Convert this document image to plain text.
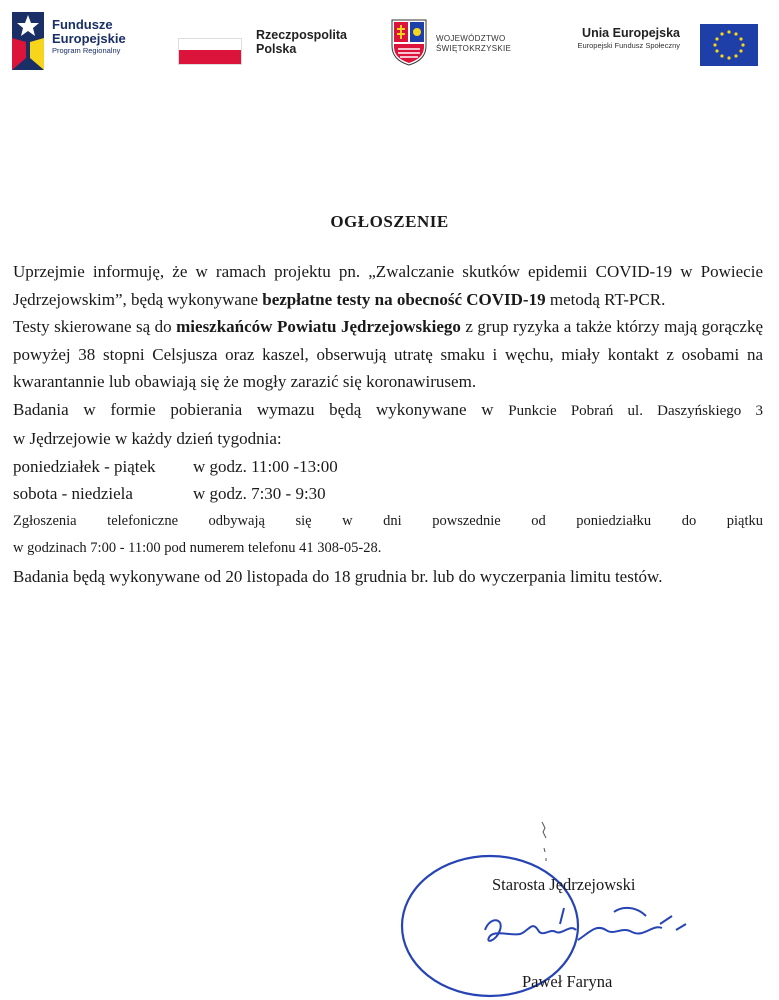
Fundusze
Europejskie
Program Regionalny
Rzeczpospolita
Polska
WOJEWÓDZTWO
ŚWIĘTOKRZYSKIE
Unia Europejska
Europejski Fundusz Społeczny
OGŁOSZENIE

Uprzejmie informuję, że w ramach projektu pn. „Zwalczanie skutków epidemii COVID-19 w Powiecie Jędrzejowskim”, będą wykonywane bezpłatne testy na obecność COVID-19 metodą RT-PCR.

Testy skierowane są do mieszkańców Powiatu Jędrzejowskiego z grup ryzyka a także którzy mają gorączkę powyżej 38 stopni Celsjusza oraz kaszel, obserwują utratę smaku i węchu, miały kontakt z osobami na kwarantannie lub obawiają się że mogły zarazić się koronawirusem.

Badania w formie pobierania wymazu będą wykonywane w Punkcie Pobrań ul. Daszyńskiego 3

w Jędrzejowie w każdy dzień tygodnia:

poniedziałek - piątek w godz. 11:00 -13:00

sobota - niedziela	w godz. 7:30 - 9:30

Zgłoszenia telefoniczne odbywają się w dni powszednie od poniedziałku do piątku

w godzinach 7:00 - 11:00 pod numerem telefonu 41 308-05-28.

Badania będą wykonywane od 20 listopada do 18 grudnia br. lub do wyczerpania limitu testów.

Starosta Jędrzejowski
Paweł Faryna
